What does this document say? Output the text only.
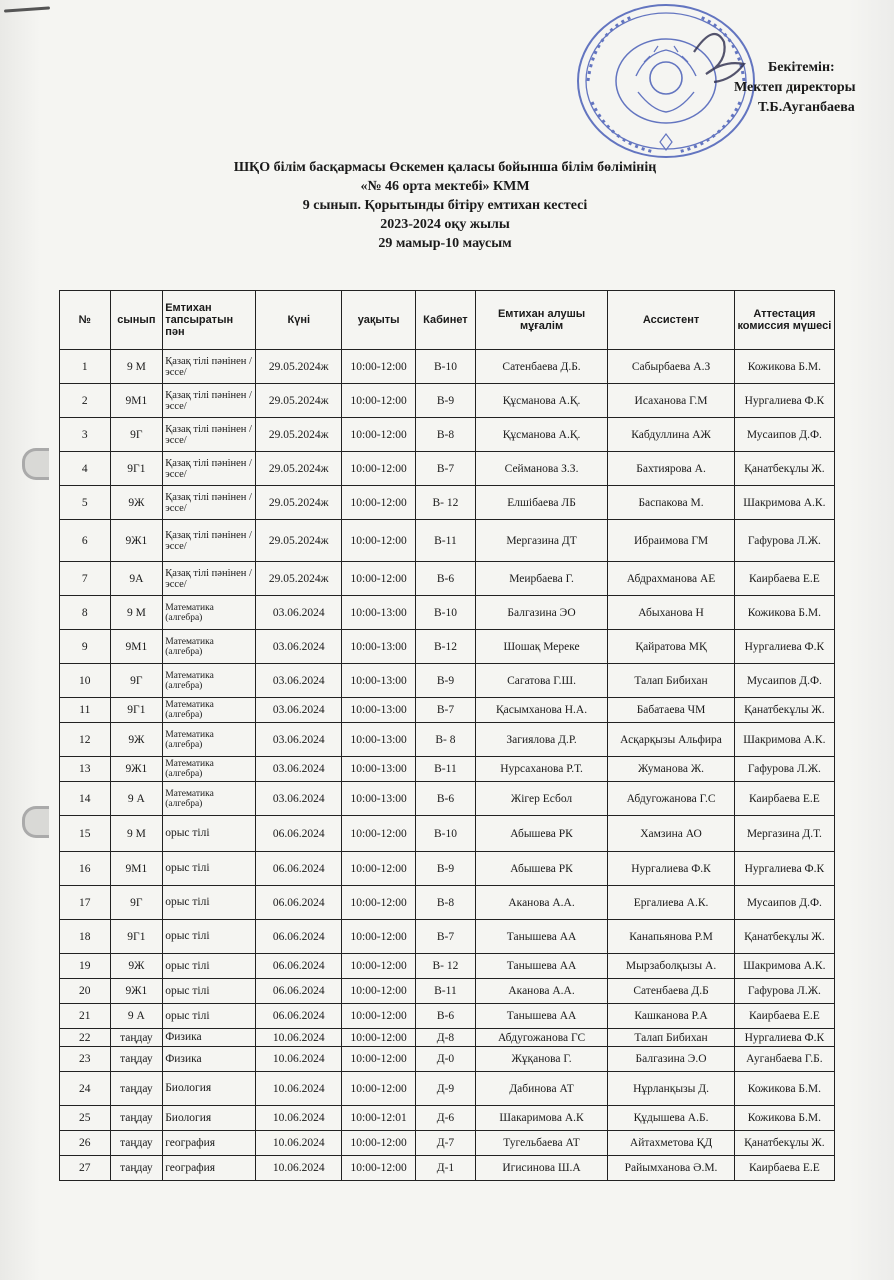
Бекітемін:
Мектеп директоры
Т.Б.Ауганбаева
ШҚО білім басқармасы Өскемен қаласы бойынша білім бөлімінің
«№ 46 орта мектебі» КММ
9 сынып. Қорытынды бітіру емтихан кестесі
2023-2024 оқу жылы
29 мамыр-10 маусым
№	сынып	Емтихан тапсыратын пән	Күні	уақыты	Кабинет	Емтихан алушы мұғалім	Ассистент	Аттестация комиссия мүшесі
1	9 М	Қазақ тілі пәнінен /эссе/	29.05.2024ж	10:00-12:00	В-10	Сатенбаева Д.Б.	Сабырбаева А.З	Кожикова Б.М.
2	9М1	Қазақ тілі пәнінен /эссе/	29.05.2024ж	10:00-12:00	В-9	Құсманова А.Қ.	Исаханова Г.М	Нургалиева Ф.К
3	9Г	Қазақ тілі пәнінен /эссе/	29.05.2024ж	10:00-12:00	В-8	Құсманова А.Қ.	Кабдуллина АЖ	Мусаипов Д.Ф.
4	9Г1	Қазақ тілі пәнінен /эссе/	29.05.2024ж	10:00-12:00	В-7	Сейманова З.З.	Бахтиярова А.	Қанатбекұлы Ж.
5	9Ж	Қазақ тілі пәнінен /эссе/	29.05.2024ж	10:00-12:00	В- 12	Елшібаева ЛБ	Баспакова М.	Шакримова А.К.
6	9Ж1	Қазақ тілі пәнінен /эссе/	29.05.2024ж	10:00-12:00	В-11	Мергазина ДТ	Ибраимова ГМ	Гафурова Л.Ж.
7	9А	Қазақ тілі пәнінен /эссе/	29.05.2024ж	10:00-12:00	В-6	Меирбаева Г.	Абдрахманова АЕ	Каирбаева Е.Е
8	9 М	Математика (алгебра)	03.06.2024	10:00-13:00	В-10	Балгазина ЭО	Абыханова Н	Кожикова Б.М.
9	9М1	Математика (алгебра)	03.06.2024	10:00-13:00	В-12	Шошақ Мереке	Қайратова МҚ	Нургалиева Ф.К
10	9Г	Математика (алгебра)	03.06.2024	10:00-13:00	В-9	Сагатова Г.Ш.	Талап Бибихан	Мусаипов Д.Ф.
11	9Г1	Математика (алгебра)	03.06.2024	10:00-13:00	В-7	Қасымханова Н.А.	Бабатаева ЧМ	Қанатбекұлы Ж.
12	9Ж	Математика (алгебра)	03.06.2024	10:00-13:00	В- 8	Загиялова Д.Р.	Асқарқызы Альфира	Шакримова А.К.
13	9Ж1	Математика (алгебра)	03.06.2024	10:00-13:00	В-11	Нурсаханова Р.Т.	Жуманова Ж.	Гафурова Л.Ж.
14	9 А	Математика (алгебра)	03.06.2024	10:00-13:00	В-6	Жігер Есбол	Абдугожанова Г.С	Каирбаева Е.Е
15	9 М	орыс тілі	06.06.2024	10:00-12:00	В-10	Абышева РК	Хамзина АО	Мергазина Д.Т.
16	9М1	орыс тілі	06.06.2024	10:00-12:00	В-9	Абышева РК	Нургалиева Ф.К	Нургалиева Ф.К
17	9Г	орыс тілі	06.06.2024	10:00-12:00	В-8	Аканова А.А.	Ергалиева А.К.	Мусаипов Д.Ф.
18	9Г1	орыс тілі	06.06.2024	10:00-12:00	В-7	Танышева АА	Канапьянова Р.М	Қанатбекұлы Ж.
19	9Ж	орыс тілі	06.06.2024	10:00-12:00	В- 12	Танышева АА	Мырзаболқызы А.	Шакримова А.К.
20	9Ж1	орыс тілі	06.06.2024	10:00-12:00	В-11	Аканова А.А.	Сатенбаева Д.Б	Гафурова Л.Ж.
21	9 А	орыс тілі	06.06.2024	10:00-12:00	В-6	Танышева АА	Кашканова Р.А	Каирбаева Е.Е
22	таңдау	Физика	10.06.2024	10:00-12:00	Д-8	Абдугожанова ГС	Талап Бибихан	Нургалиева Ф.К
23	таңдау	Физика	10.06.2024	10:00-12:00	Д-0	Жұқанова Г.	Балгазина Э.О	Ауганбаева Г.Б.
24	таңдау	Биология	10.06.2024	10:00-12:00	Д-9	Дабинова АТ	Нұрланқызы Д.	Кожикова Б.М.
25	таңдау	Биология	10.06.2024	10:00-12:01	Д-6	Шакаримова А.К	Құдышева А.Б.	Кожикова Б.М.
26	таңдау	география	10.06.2024	10:00-12:00	Д-7	Тугельбаева АТ	Айтахметова ҚД	Қанатбекұлы Ж.
27	таңдау	география	10.06.2024	10:00-12:00	Д-1	Игисинова Ш.А	Райымханова Ә.М.	Каирбаева Е.Е
